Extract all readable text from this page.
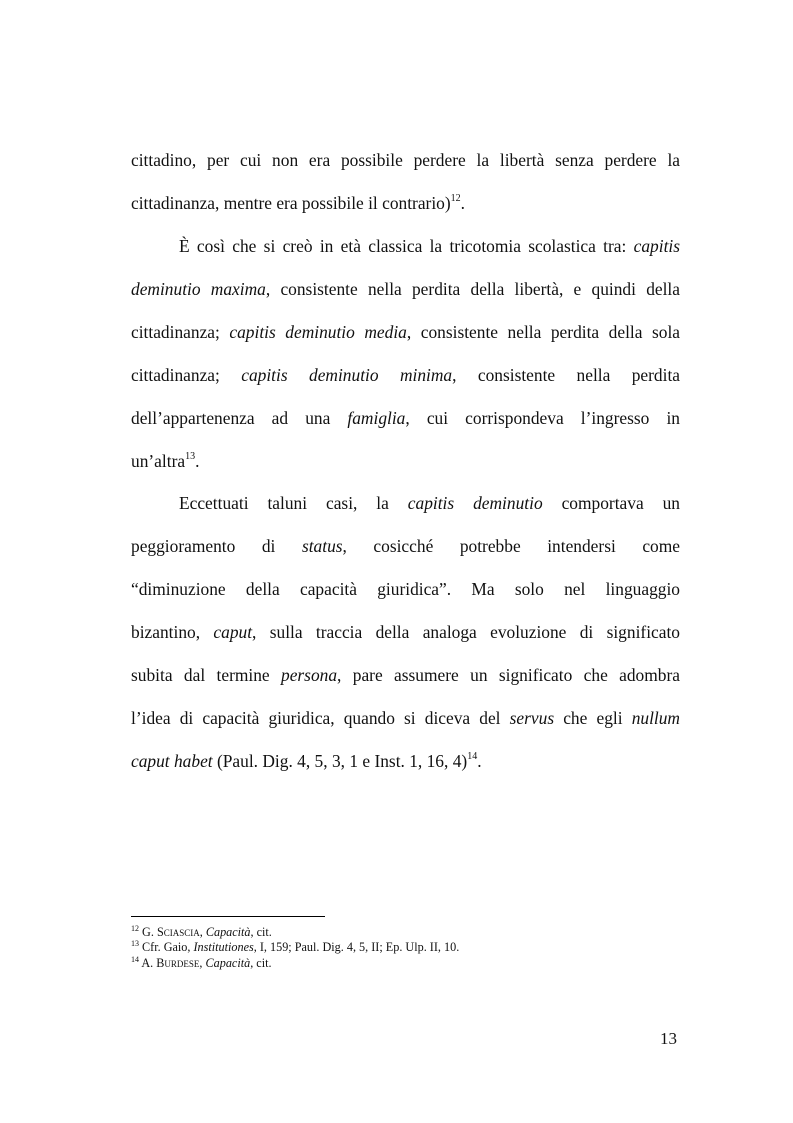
cittadino, per cui non era possibile perdere la libertà senza perdere la
cittadinanza, mentre era possibile il contrario)$^{12}$.
È così che si creò in età classica la tricotomia scolastica tra: capitis
deminutio maxima, consistente nella perdita della libertà, e quindi della
cittadinanza; capitis deminutio media, consistente nella perdita della sola
cittadinanza; capitis deminutio minima, consistente nella perdita
dell’appartenenza ad una famiglia, cui corrispondeva l’ingresso in
un’altra$^{13}$.
Eccettuati taluni casi, la capitis deminutio comportava un
peggioramento di status, cosicché potrebbe intendersi come
“diminuzione della capacità giuridica”. Ma solo nel linguaggio
bizantino, caput, sulla traccia della analoga evoluzione di significato
subita dal termine persona, pare assumere un significato che adombra
l’idea di capacità giuridica, quando si diceva del servus che egli nullum
caput habet (Paul. Dig. 4, 5, 3, 1 e Inst. 1, 16, 4)$^{14}$.
$^{12}$ G. Sciascia, Capacità, cit.
$^{13}$ Cfr. Gaio, Institutiones, I, 159; Paul. Dig. 4, 5, II; Ep. Ulp. II, 10.
$^{14}$ A. Burdese, Capacità, cit.
13
